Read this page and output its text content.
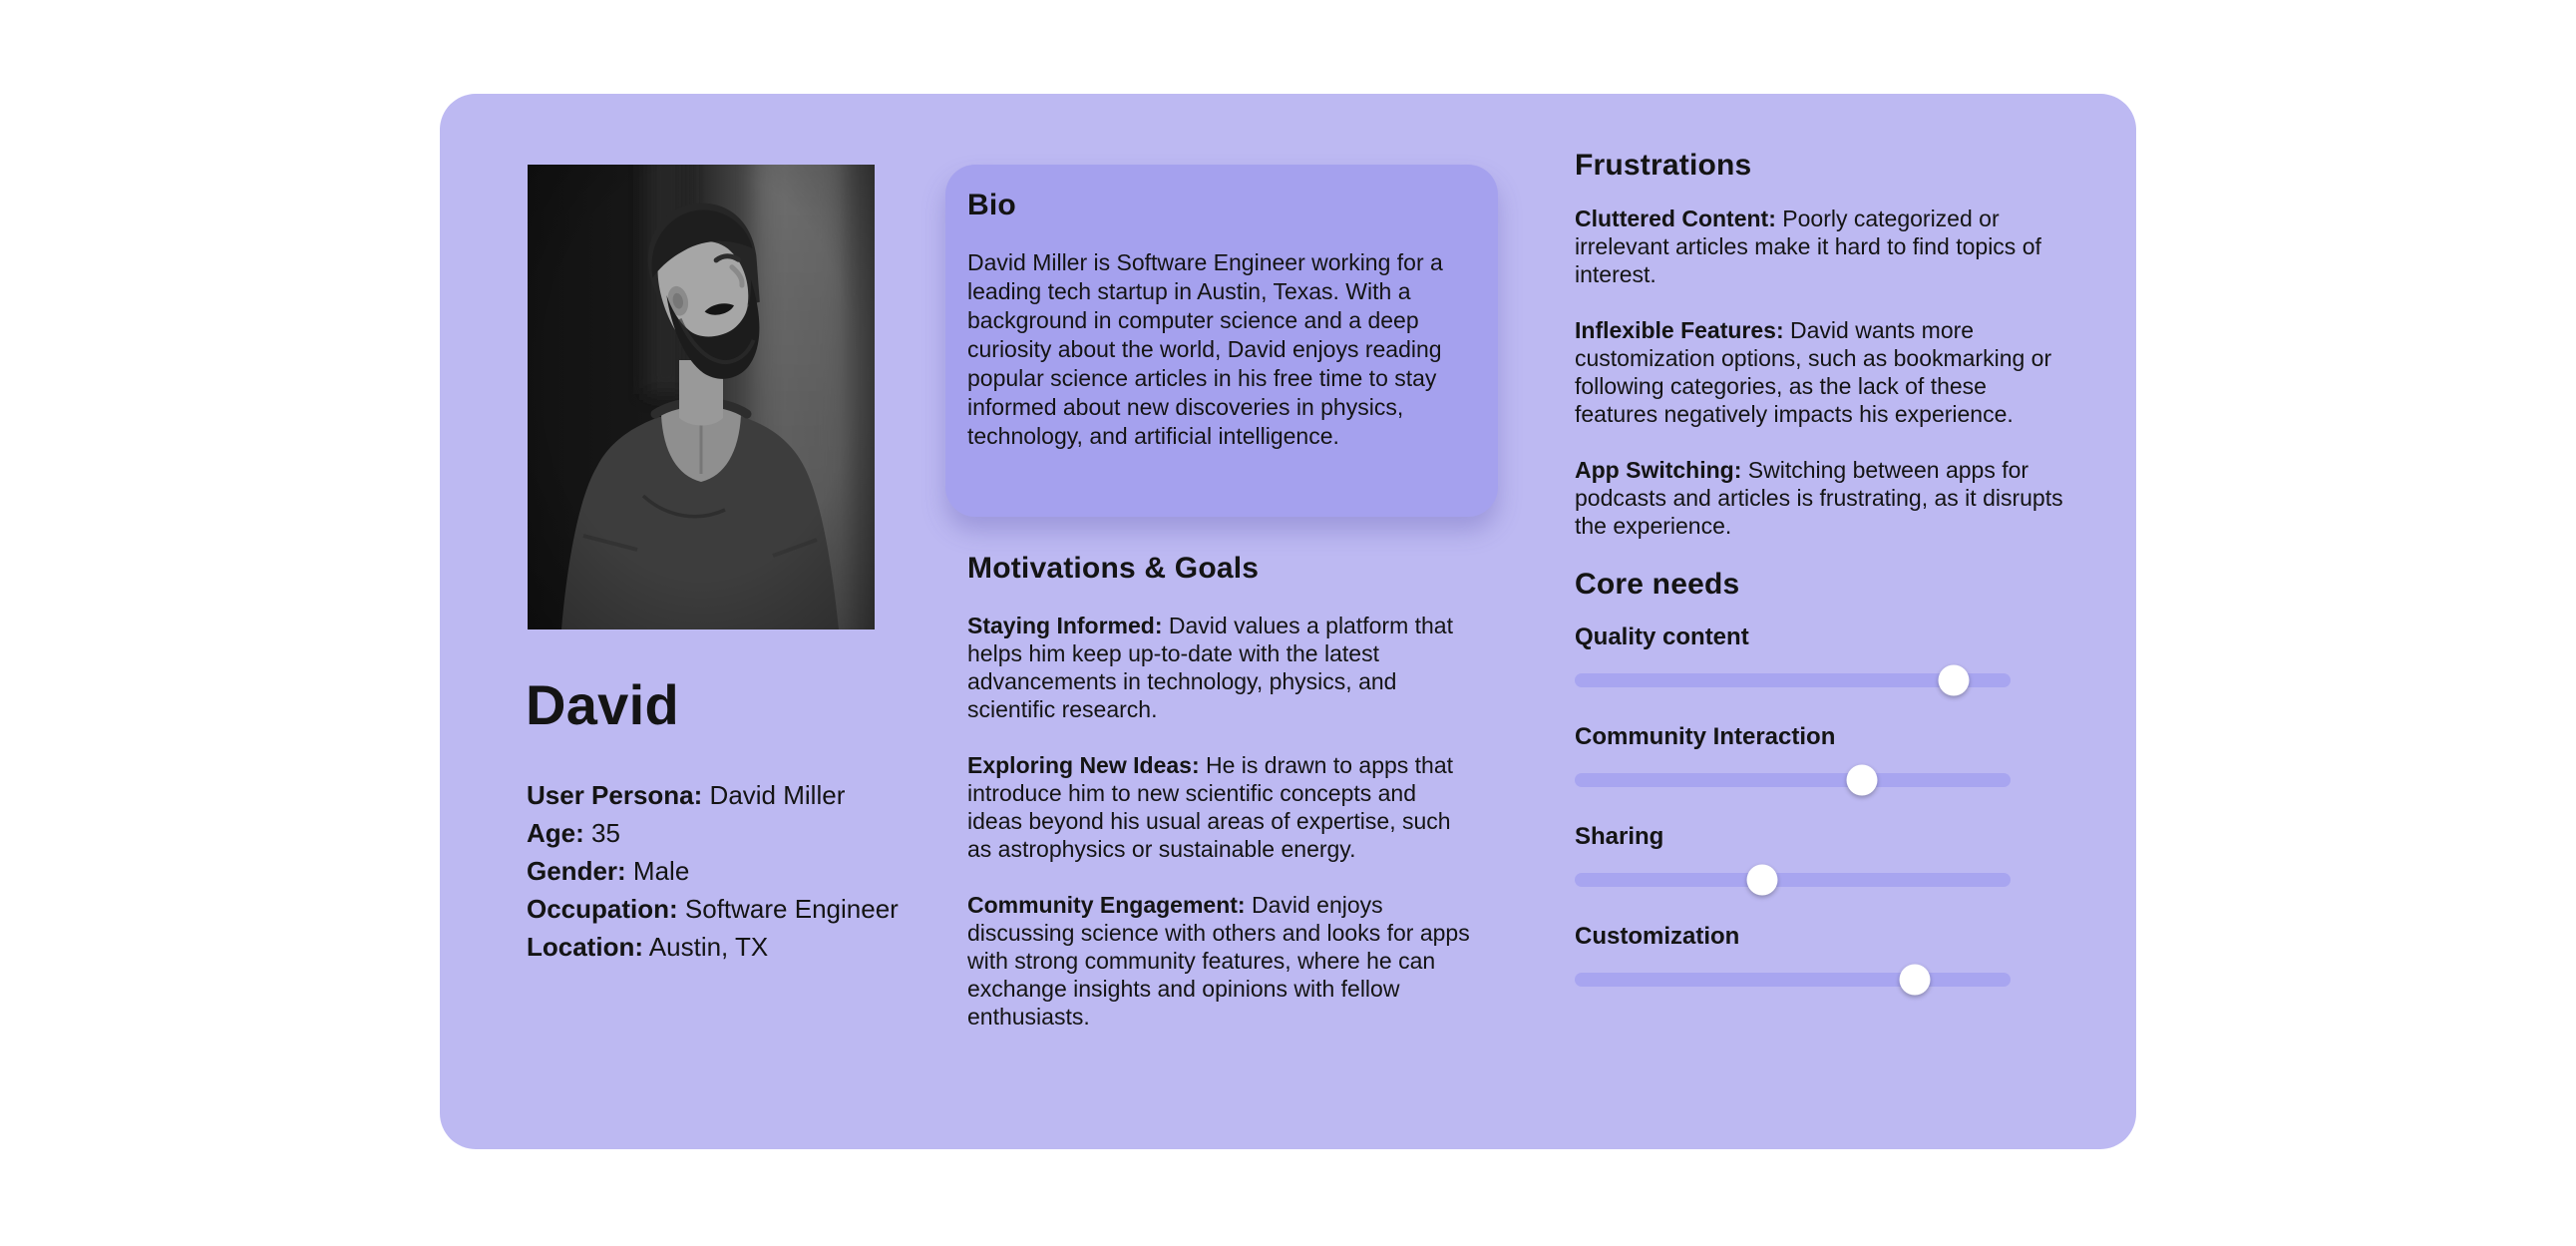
David

User Persona: David Miller

Age: 35

Gender: Male

Occupation: Software Engineer

Location: Austin, TX

Bio

David Miller is Software Engineer working for a leading tech startup in Austin, Texas. With a background in computer science and a deep curiosity about the world, David enjoys reading popular science articles in his free time to stay informed about new discoveries in physics, technology, and artificial intelligence.

Motivations & Goals

Staying Informed: David values a platform that helps him keep up-to-date with the latest advancements in technology, physics, and scientific research.

Exploring New Ideas: He is drawn to apps that introduce him to new scientific concepts and ideas beyond his usual areas of expertise, such as astrophysics or sustainable energy.

Community Engagement: David enjoys discussing science with others and looks for apps with strong community features, where he can exchange insights and opinions with fellow enthusiasts.

Frustrations

Cluttered Content: Poorly categorized or irrelevant articles make it hard to find topics of interest.

Inflexible Features: David wants more customization options, such as bookmarking or following categories, as the lack of these features negatively impacts his experience.

App Switching: Switching between apps for podcasts and articles is frustrating, as it disrupts the experience.

Core needs

Quality content

Community Interaction

Sharing

Customization
